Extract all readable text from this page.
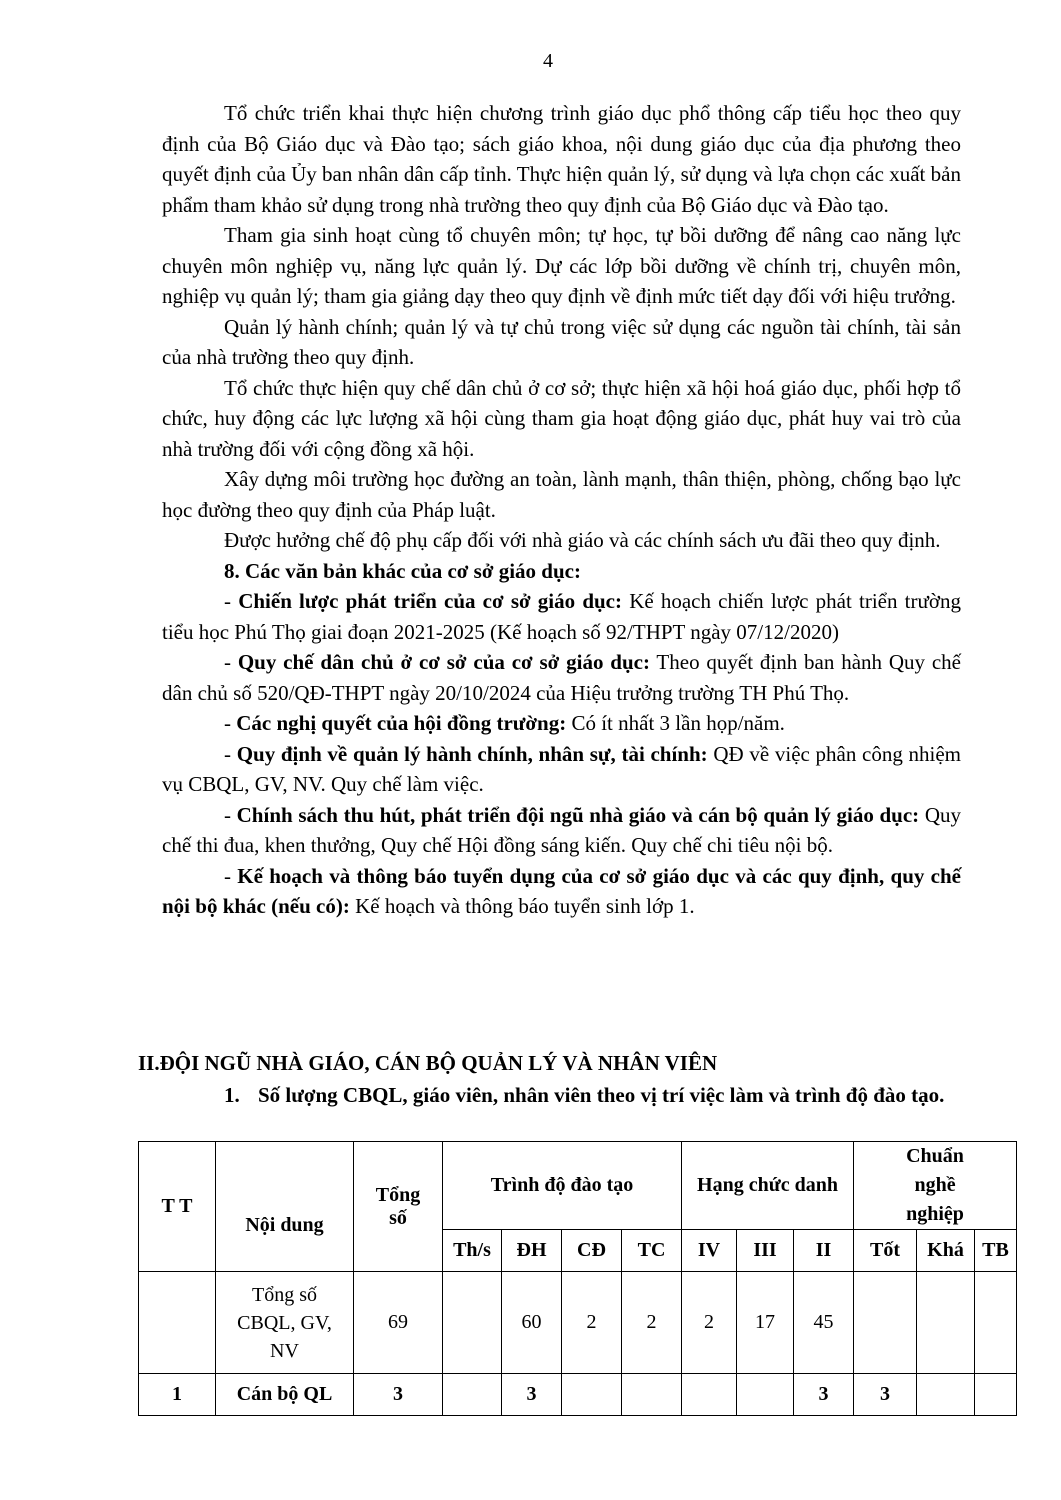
4

Tổ chức triển khai thực hiện chương trình giáo dục phổ thông cấp tiểu học theo quy định của Bộ Giáo dục và Đào tạo; sách giáo khoa, nội dung giáo dục của địa phương theo quyết định của Ủy ban nhân dân cấp tỉnh. Thực hiện quản lý, sử dụng và lựa chọn các xuất bản phẩm tham khảo sử dụng trong nhà trường theo quy định của Bộ Giáo dục và Đào tạo.

Tham gia sinh hoạt cùng tổ chuyên môn; tự học, tự bồi dưỡng để nâng cao năng lực chuyên môn nghiệp vụ, năng lực quản lý. Dự các lớp bồi dưỡng về chính trị, chuyên môn, nghiệp vụ quản lý; tham gia giảng dạy theo quy định về định mức tiết dạy đối với hiệu trưởng.

Quản lý hành chính; quản lý và tự chủ trong việc sử dụng các nguồn tài chính, tài sản của nhà trường theo quy định.

Tổ chức thực hiện quy chế dân chủ ở cơ sở; thực hiện xã hội hoá giáo dục, phối hợp tổ chức, huy động các lực lượng xã hội cùng tham gia hoạt động giáo dục, phát huy vai trò của nhà trường đối với cộng đồng xã hội.

Xây dựng môi trường học đường an toàn, lành mạnh, thân thiện, phòng, chống bạo lực học đường theo quy định của Pháp luật.

Được hưởng chế độ phụ cấp đối với nhà giáo và các chính sách ưu đãi theo quy định.

8. Các văn bản khác của cơ sở giáo dục:

- Chiến lược phát triển của cơ sở giáo dục: Kế hoạch chiến lược phát triển trường tiểu học Phú Thọ giai đoạn 2021-2025 (Kế hoạch số 92/THPT ngày 07/12/2020)

- Quy chế dân chủ ở cơ sở của cơ sở giáo dục: Theo quyết định ban hành Quy chế dân chủ số 520/QĐ-THPT ngày 20/10/2024 của Hiệu trưởng trường TH Phú Thọ.

- Các nghị quyết của hội đồng trường: Có ít nhất 3 lần họp/năm.

- Quy định về quản lý hành chính, nhân sự, tài chính: QĐ về việc phân công nhiệm vụ CBQL, GV, NV. Quy chế làm việc.

- Chính sách thu hút, phát triển đội ngũ nhà giáo và cán bộ quản lý giáo dục: Quy chế thi đua, khen thưởng, Quy chế Hội đồng sáng kiến. Quy chế chi tiêu nội bộ.

- Kế hoạch và thông báo tuyển dụng của cơ sở giáo dục và các quy định, quy chế nội bộ khác (nếu có): Kế hoạch và thông báo tuyển sinh lớp 1.

II.ĐỘI NGŨ NHÀ GIÁO, CÁN BỘ QUẢN LÝ VÀ NHÂN VIÊN
1. Số lượng CBQL, giáo viên, nhân viên theo vị trí việc làm và trình độ đào tạo.
T T	Nội dung	Tổng số	Trình độ đào tạo				Hạng chức danh			Chuẩn nghề nghiệp		
			Th/s	ĐH	CĐ	TC	IV	III	II	Tốt	Khá	TB
	Tổng số CBQL, GV, NV	69		60	2	2	2	17	45			
1	Cán bộ QL	3		3					3	3		
